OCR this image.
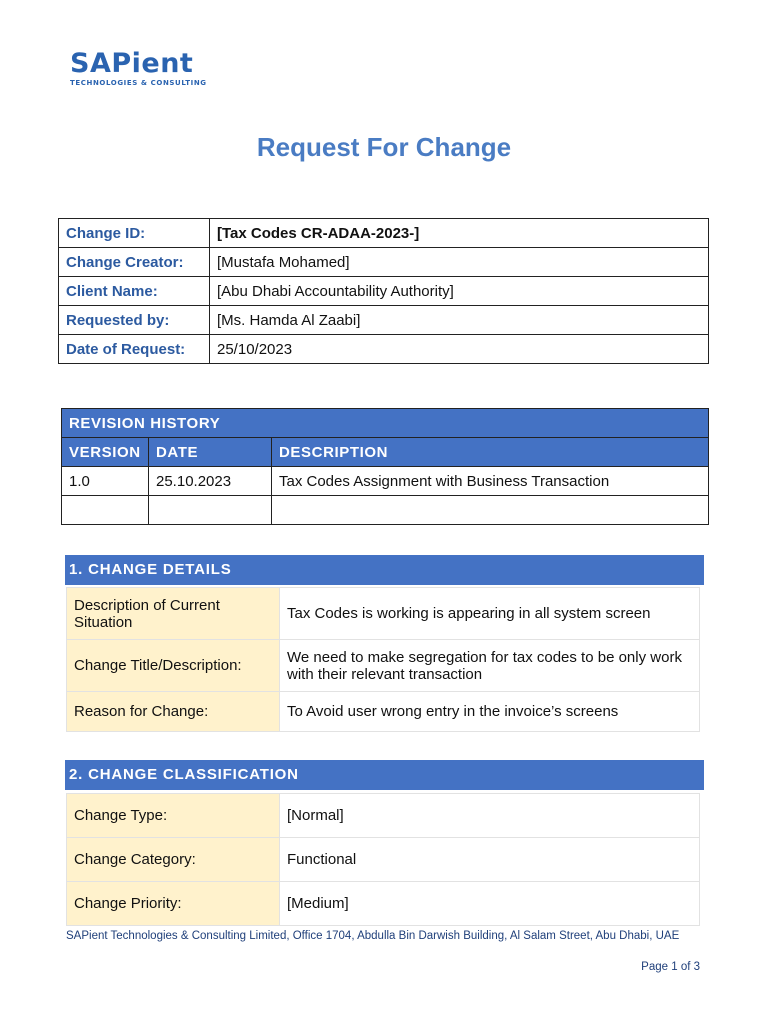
SAPient
TECHNOLOGIES & CONSULTING
Request For Change
Change ID:	[Tax Codes CR-ADAA-2023-]
Change Creator:	[Mustafa Mohamed]
Client Name:	[Abu Dhabi Accountability Authority]
Requested by:	[Ms. Hamda Al Zaabi]
Date of Request:	25/10/2023
REVISION HISTORY		
VERSION	DATE	DESCRIPTION
1.0	25.10.2023	Tax Codes Assignment with Business Transaction

1. CHANGE DETAILS
Description of Current Situation	Tax Codes is working is appearing in all system screen
Change Title/Description:	We need to make segregation for tax codes to be only work with their relevant transaction
Reason for Change:	To Avoid user wrong entry in the invoice’s screens
2. CHANGE CLASSIFICATION
Change Type:	[Normal]
Change Category:	Functional
Change Priority:	[Medium]
SAPient Technologies & Consulting Limited, Office 1704, Abdulla Bin Darwish Building, Al Salam Street, Abu Dhabi, UAE
Page 1 of 3
